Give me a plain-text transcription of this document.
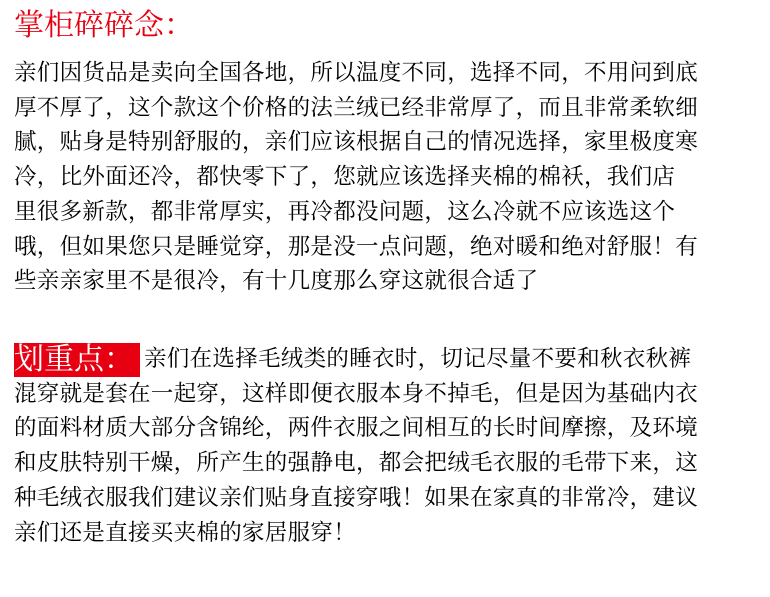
掌柜碎碎念：
亲们因货品是卖向全国各地，所以温度不同，选择不同，不用问到底
厚不厚了，这个款这个价格的法兰绒已经非常厚了，而且非常柔软细
腻，贴身是特别舒服的，亲们应该根据自己的情况选择，家里极度寒
冷，比外面还冷，都快零下了，您就应该选择夹棉的棉袄，我们店
里很多新款，都非常厚实，再冷都没问题，这么冷就不应该选这个
哦，但如果您只是睡觉穿，那是没一点问题，绝对暖和绝对舒服！有
些亲亲家里不是很冷，有十几度那么穿这就很合适了
划重点： 亲们在选择毛绒类的睡衣时，切记尽量不要和秋衣秋裤
混穿就是套在一起穿，这样即便衣服本身不掉毛，但是因为基础内衣
的面料材质大部分含锦纶，两件衣服之间相互的长时间摩擦，及环境
和皮肤特别干燥，所产生的强静电，都会把绒毛衣服的毛带下来，这
种毛绒衣服我们建议亲们贴身直接穿哦！如果在家真的非常冷，建议
亲们还是直接买夹棉的家居服穿！
